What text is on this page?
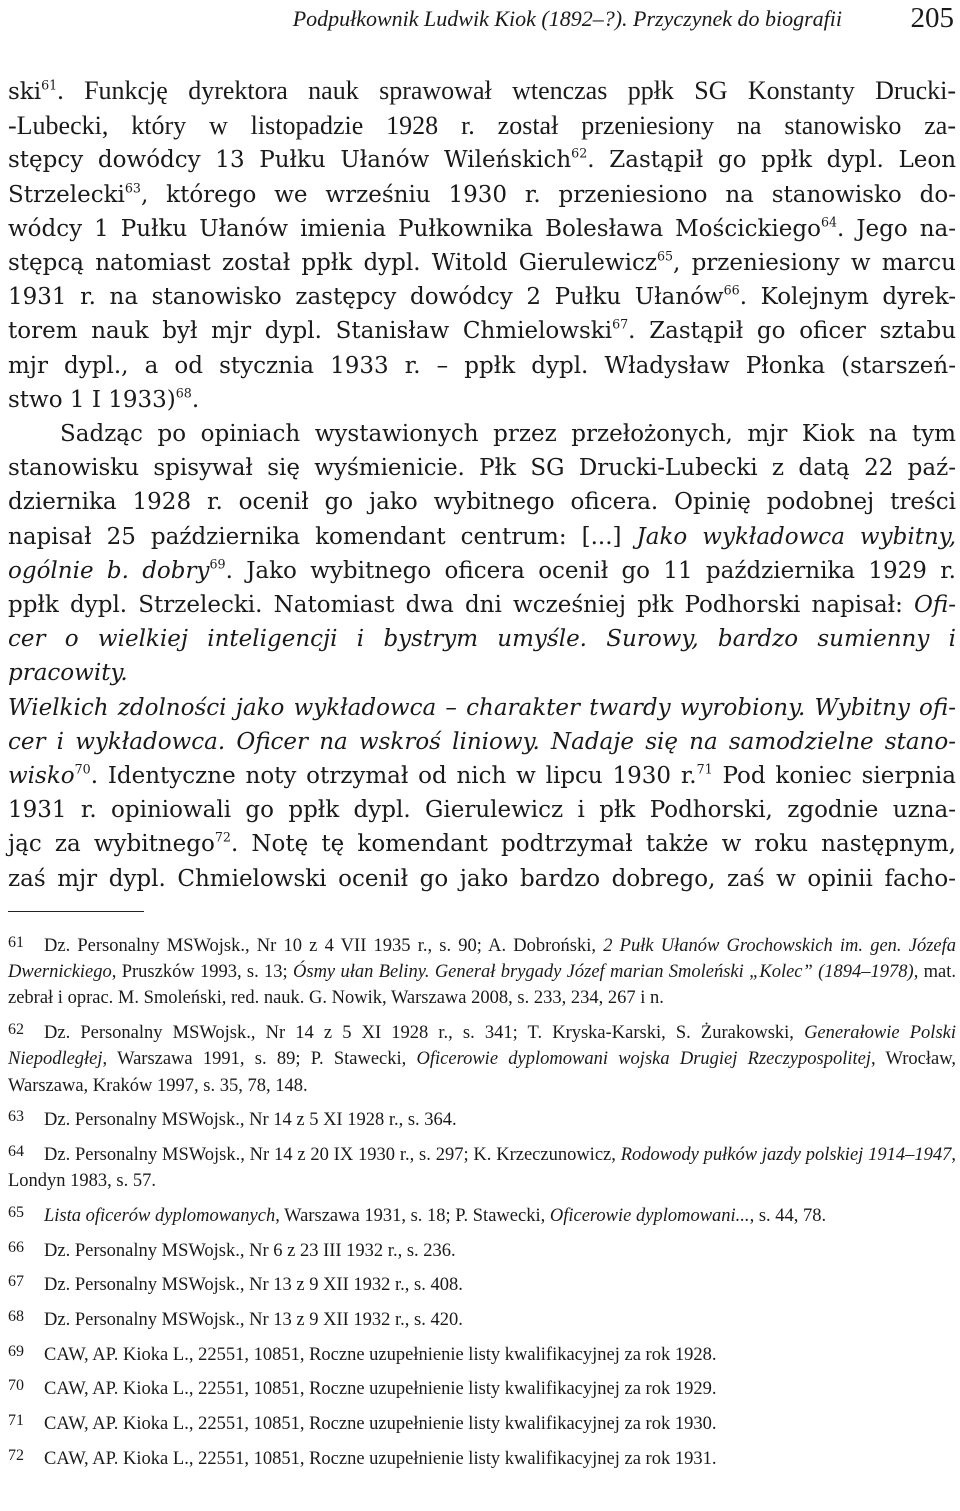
Podpułkownik Ludwik Kiok (1892–?). Przyczynek do biografii 205

ski$^{61}$. Funkcję dyrektora nauk sprawował wtenczas ppłk SG Konstanty Drucki-

-Lubecki, który w listopadzie 1928 r. został przeniesiony na stanowisko za-

stępcy dowódcy 13 Pułku Ułanów Wileńskich$^{62}$. Zastąpił go ppłk dypl. Leon

Strzelecki$^{63}$, którego we wrześniu 1930 r. przeniesiono na stanowisko do-

wódcy 1 Pułku Ułanów imienia Pułkownika Bolesława Mościckiego$^{64}$. Jego na-

stępcą natomiast został ppłk dypl. Witold Gierulewicz$^{65}$, przeniesiony w marcu

1931 r. na stanowisko zastępcy dowódcy 2 Pułku Ułanów$^{66}$. Kolejnym dyrek-

torem nauk był mjr dypl. Stanisław Chmielowski$^{67}$. Zastąpił go oficer sztabu

mjr dypl., a od stycznia 1933 r. – ppłk dypl. Władysław Płonka (starszeń-

stwo 1 I 1933)$^{68}$.

Sadząc po opiniach wystawionych przez przełożonych, mjr Kiok na tym

stanowisku spisywał się wyśmienicie. Płk SG Drucki-Lubecki z datą 22 paź-

dziernika 1928 r. ocenił go jako wybitnego oficera. Opinię podobnej treści

napisał 25 października komendant centrum: [...] Jako wykładowca wybitny,

ogólnie b. dobry$^{69}$. Jako wybitnego oficera ocenił go 11 października 1929 r.

ppłk dypl. Strzelecki. Natomiast dwa dni wcześniej płk Podhorski napisał: Ofi-

cer o wielkiej inteligencji i bystrym umyśle. Surowy, bardzo sumienny i pracowity.

Wielkich zdolności jako wykładowca – charakter twardy wyrobiony. Wybitny ofi-

cer i wykładowca. Oficer na wskroś liniowy. Nadaje się na samodzielne stano-

wisko$^{70}$. Identyczne noty otrzymał od nich w lipcu 1930 r.$^{71}$ Pod koniec sierpnia

1931 r. opiniowali go ppłk dypl. Gierulewicz i płk Podhorski, zgodnie uzna-

jąc za wybitnego$^{72}$. Notę tę komendant podtrzymał także w roku następnym,

zaś mjr dypl. Chmielowski ocenił go jako bardzo dobrego, zaś w opinii facho-

61 Dz. Personalny MSWojsk., Nr 10 z 4 VII 1935 r., s. 90; A. Dobroński, 2 Pułk Ułanów Grochowskich im. gen. Józefa Dwernickiego, Pruszków 1993, s. 13; Ósmy ułan Beliny. Generał brygady Józef marian Smoleński „Kolec” (1894–1978), mat. zebrał i oprac. M. Smoleński, red. nauk. G. Nowik, Warszawa 2008, s. 233, 234, 267 i n.

62 Dz. Personalny MSWojsk., Nr 14 z 5 XI 1928 r., s. 341; T. Kryska-Karski, S. Żurakowski, Generałowie Polski Niepodległej, Warszawa 1991, s. 89; P. Stawecki, Oficerowie dyplomowani wojska Drugiej Rzeczypospolitej, Wrocław, Warszawa, Kraków 1997, s. 35, 78, 148.

63 Dz. Personalny MSWojsk., Nr 14 z 5 XI 1928 r., s. 364.

64 Dz. Personalny MSWojsk., Nr 14 z 20 IX 1930 r., s. 297; K. Krzeczunowicz, Rodowody pułków jazdy polskiej 1914–1947, Londyn 1983, s. 57.

65 Lista oficerów dyplomowanych, Warszawa 1931, s. 18; P. Stawecki, Oficerowie dyplomowani..., s. 44, 78.

66 Dz. Personalny MSWojsk., Nr 6 z 23 III 1932 r., s. 236.

67 Dz. Personalny MSWojsk., Nr 13 z 9 XII 1932 r., s. 408.

68 Dz. Personalny MSWojsk., Nr 13 z 9 XII 1932 r., s. 420.

69 CAW, AP. Kioka L., 22551, 10851, Roczne uzupełnienie listy kwalifikacyjnej za rok 1928.

70 CAW, AP. Kioka L., 22551, 10851, Roczne uzupełnienie listy kwalifikacyjnej za rok 1929.

71 CAW, AP. Kioka L., 22551, 10851, Roczne uzupełnienie listy kwalifikacyjnej za rok 1930.

72 CAW, AP. Kioka L., 22551, 10851, Roczne uzupełnienie listy kwalifikacyjnej za rok 1931.
